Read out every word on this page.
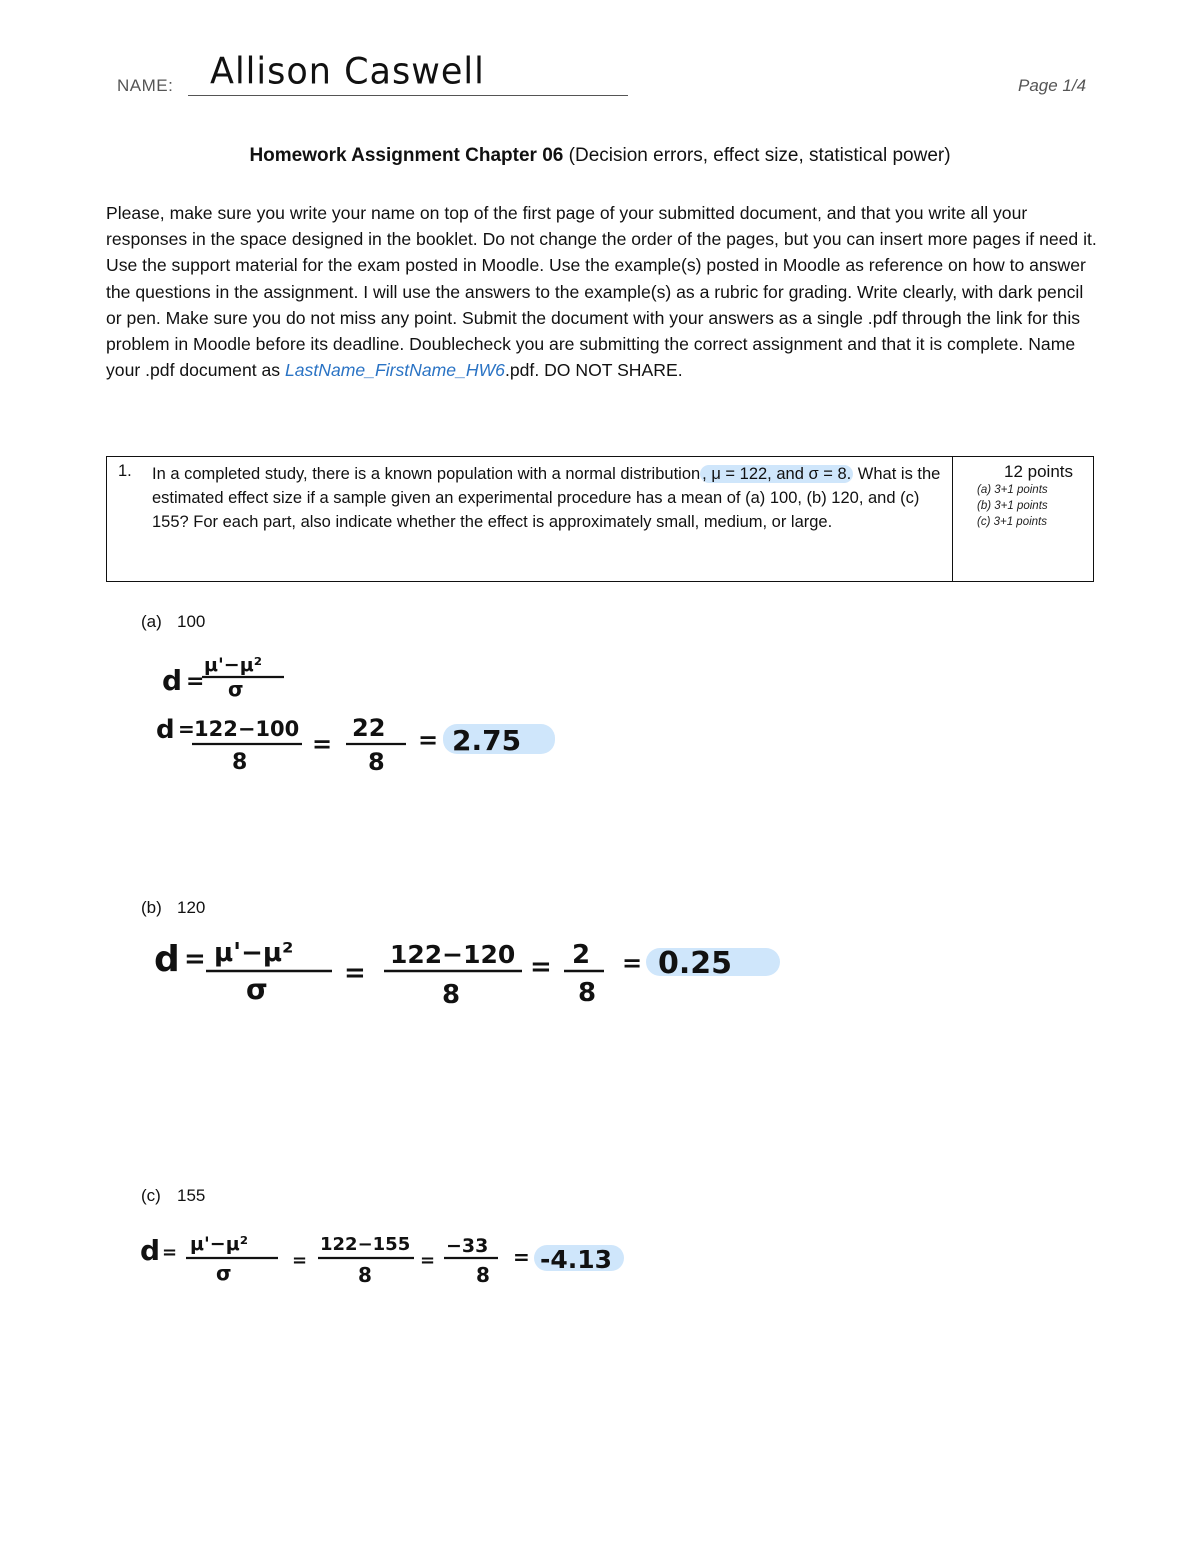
NAME: Allison Caswell	Page 1/4
Homework Assignment Chapter 06 (Decision errors, effect size, statistical power)
Please, make sure you write your name on top of the first page of your submitted document, and that you write all your responses in the space designed in the booklet. Do not change the order of the pages, but you can insert more pages if need it. Use the support material for the exam posted in Moodle. Use the example(s) posted in Moodle as reference on how to answer the questions in the assignment. I will use the answers to the example(s) as a rubric for grading. Write clearly, with dark pencil or pen. Make sure you do not miss any point. Submit the document with your answers as a single .pdf through the link for this problem in Moodle before its deadline. Doublecheck you are submitting the correct assignment and that it is complete. Name your .pdf document as LastName_FirstName_HW6.pdf. DO NOT SHARE.
1. In a completed study, there is a known population with a normal distribution , μ = 122, and σ = 8. What is the estimated effect size if a sample given an experimental procedure has a mean of (a) 100, (b) 120, and (c) 155? For each part, also indicate whether the effect is approximately small, medium, or large.
12 points
(a) 3+1 points
(b) 3+1 points
(c) 3+1 points
(a) 100
d =
μ'−μ²
σ
d = 122−100
8
=
22
8
= 2.75
(b) 120
d = μ'−μ²
σ	=
122−120
8
= 2
8
= 0.25
(c) 155
d = μ'−μ²
σ
=
122−155
8
=
−33
8
= -4.13
